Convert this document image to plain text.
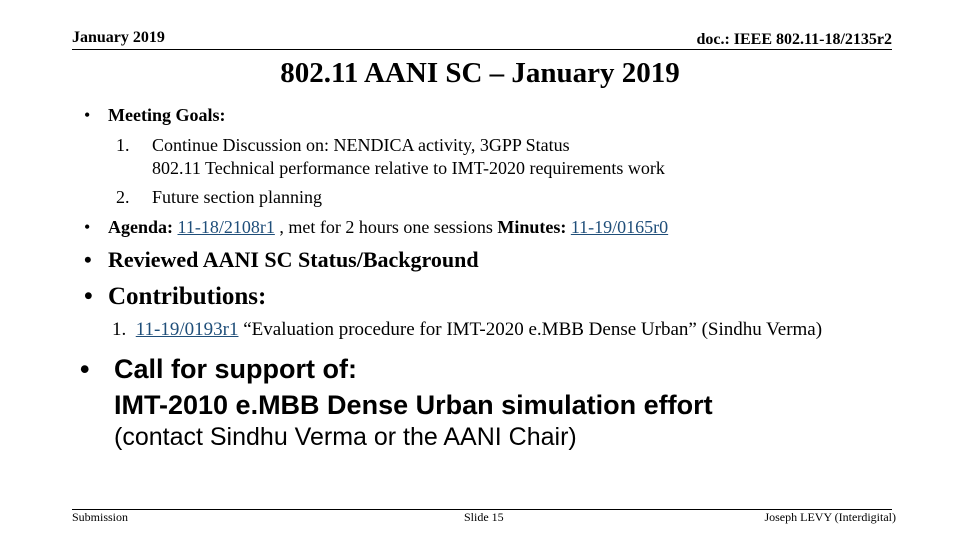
January 2019	doc.: IEEE 802.11-18/2135r2
802.11 AANI SC – January 2019
• Meeting Goals:
1. Continue Discussion on: NENDICA activity, 3GPP Status
802.11 Technical performance relative to IMT-2020 requirements work
2. Future section planning
• Agenda: 11-18/2108r1 , met for 2 hours one sessions Minutes: 11-19/0165r0
• Reviewed AANI SC Status/Background
• Contributions:
1. 11-19/0193r1 “Evaluation procedure for IMT-2020 e.MBB Dense Urban” (Sindhu Verma)
• Call for support of:
IMT-2010 e.MBB Dense Urban simulation effort
(contact Sindhu Verma or the AANI Chair)
Submission	Slide 15	Joseph LEVY (Interdigital)
